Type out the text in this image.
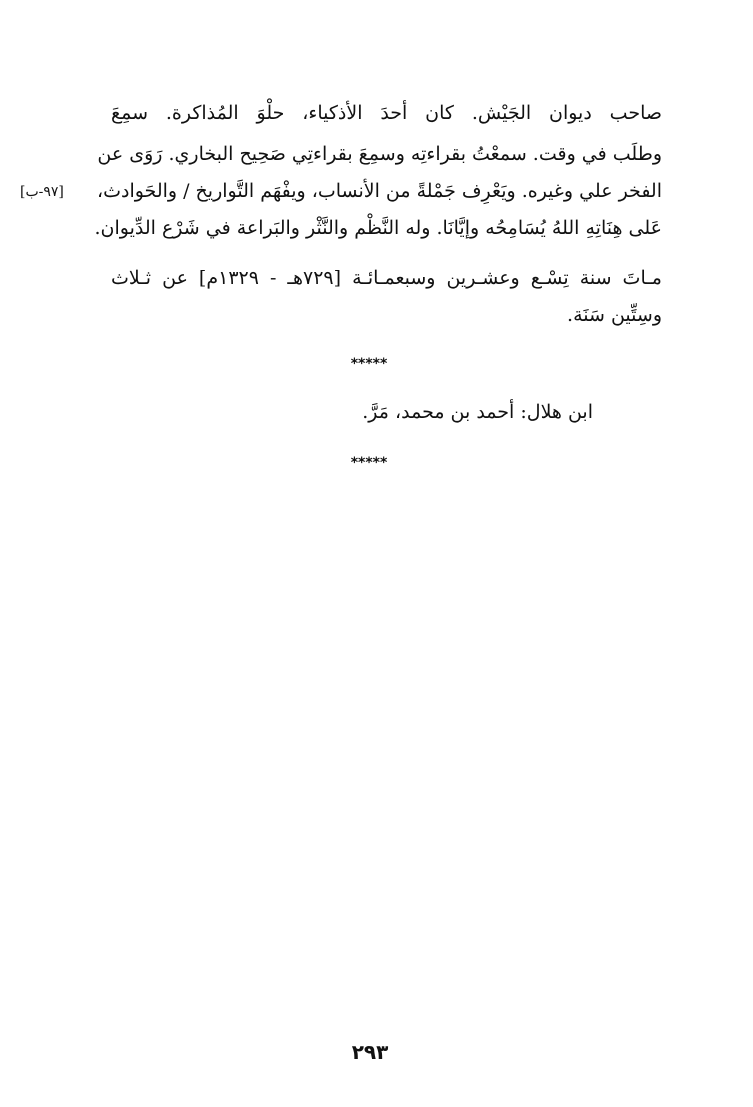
صاحب ديوان الجَيْش. كان أحدَ الأذكياء، حلْوَ المُذاكرة. سمِعَ
وطلَب في وقت. سمعْتُ بقراءتِه وسمِعَ بقراءتِي صَحِيح البخاري. رَوَى عن
الفخر علي وغيره. ويَعْرِف جَمْلةً من الأنساب، ويفْهَم التَّواريخ / والحَوادث،
عَلى هِنَاتِهِ اللهُ يُسَامِحُه وإيَّانَا. وله النَّظْم والنَّثْر والبَراعة في شَرْع الدِّيوان.
[٩٧-ب]
مـاتَ سنة تِسْـع وعشـرين وسبعمـائـة [٧٢٩هـ - ١٣٢٩م] عن ثـلاث
وسِتِّين سَنَة.
*****
ابن هلال: أحمد بن محمد، مَرَّ.
*****
٢٩٣
